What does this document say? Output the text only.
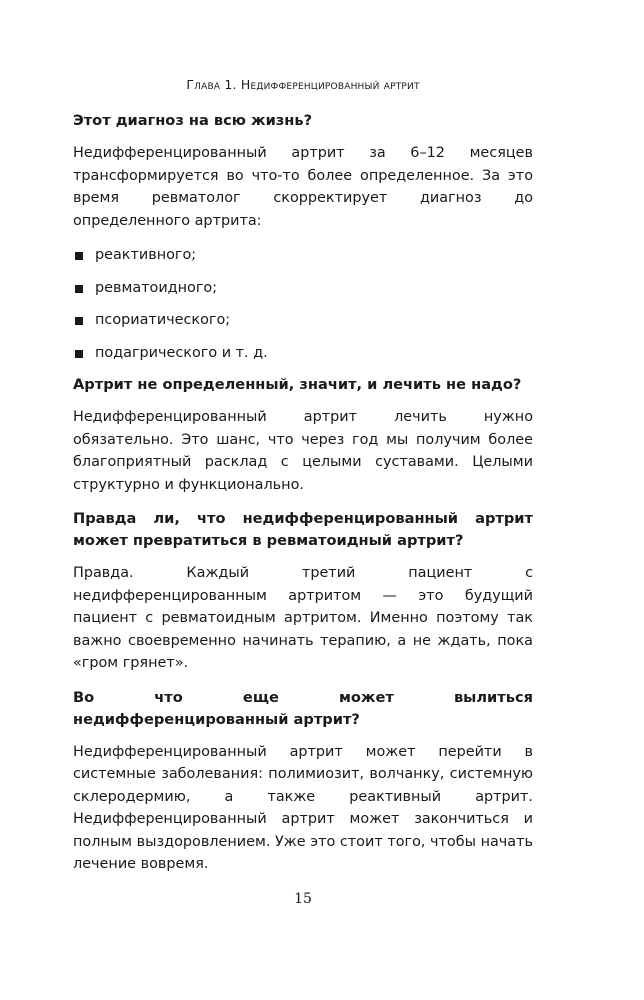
Глава 1. Недифференцированный артрит
Этот диагноз на всю жизнь?

Недифференцированный артрит за 6–12 месяцев трансформируется во что-то более определенное. За это время ревматолог скорректирует диагноз до определенного артрита:

реактивного;
ревматоидного;
псориатического;
подагрического и т. д.
Артрит не определенный, значит, и лечить не надо?

Недифференцированный артрит лечить нужно обязательно. Это шанс, что через год мы получим более благоприятный расклад с целыми суставами. Целыми структурно и функционально.

Правда ли, что недифференцированный артрит может превратиться в ревматоидный артрит?

Правда. Каждый третий пациент с недифференцированным артритом — это будущий пациент с ревматоидным артритом. Именно поэтому так важно своевременно начинать терапию, а не ждать, пока «гром грянет».

Во что еще может вылиться недифференцированный артрит?

Недифференцированный артрит может перейти в системные заболевания: полимиозит, волчанку, системную склеродермию, а также реактивный артрит. Недифференцированный артрит может закончиться и полным выздоровлением. Уже это стоит того, чтобы начать лечение вовремя.

15
